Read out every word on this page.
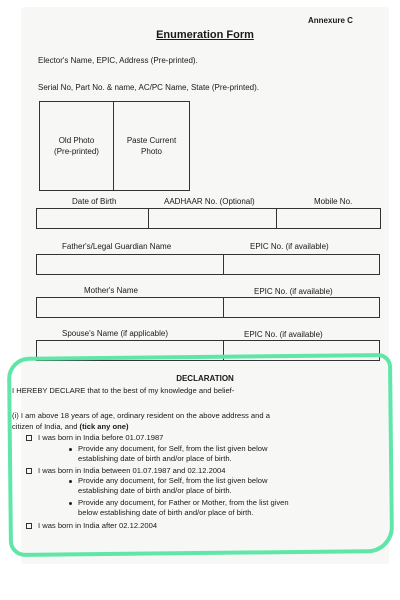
Annexure C
Enumeration Form
Elector's Name, EPIC, Address (Pre-printed).
Serial No, Part No. & name, AC/PC Name, State (Pre-printed).
Old Photo
(Pre-printed)
Paste Current
Photo
Date of Birth	AADHAAR No. (Optional)	Mobile No.
Father's/Legal Guardian Name	EPIC No. (if available)
Mother's Name	EPIC No. (if available)
Spouse's Name (if applicable)	EPIC No. (if available)
DECLARATION
I HEREBY DECLARE that to the best of my knowledge and belief-
(i) I am above 18 years of age, ordinary resident on the above address and a
citizen of India, and (tick any one)
I was born in India before 01.07.1987
Provide any document, for Self, from the list given below
establishing date of birth and/or place of birth.
I was born in India between 01.07.1987 and 02.12.2004
Provide any document, for Self, from the list given below
establishing date of birth and/or place of birth.
Provide any document, for Father or Mother, from the list given
below establishing date of birth and/or place of birth.
I was born in India after 02.12.2004
